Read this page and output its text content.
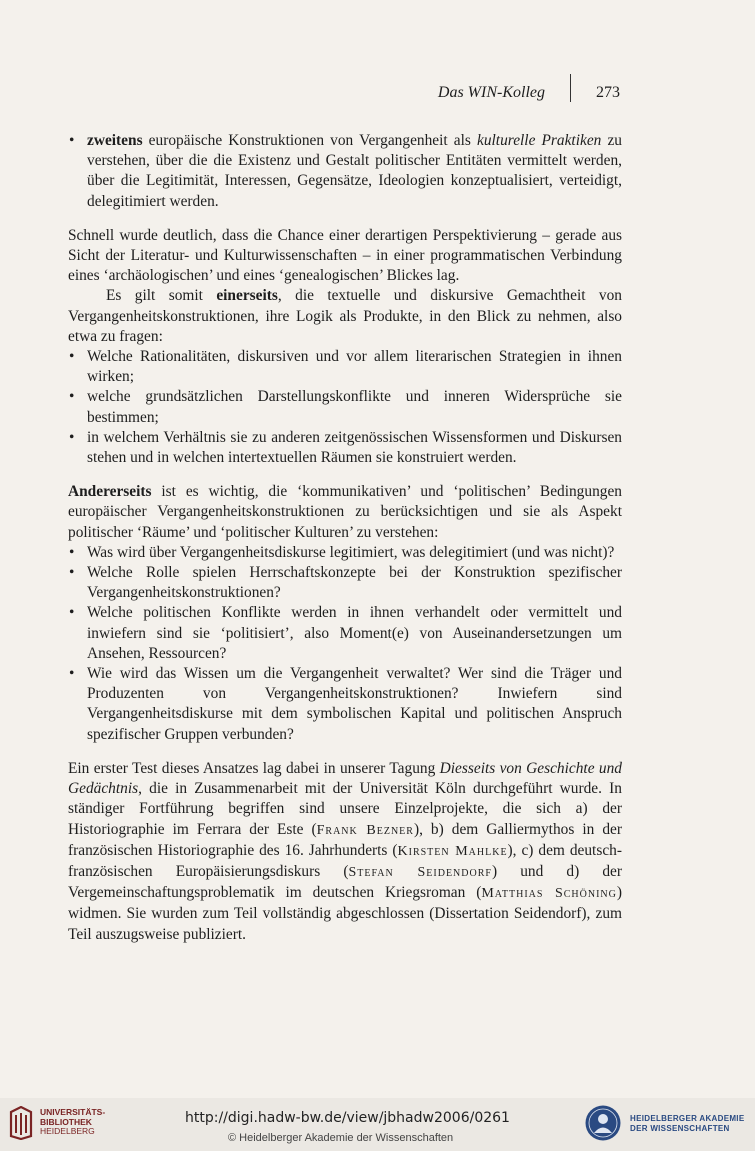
Das WIN-Kolleg	273
• zweitens europäische Konstruktionen von Vergangenheit als kulturelle Praktiken zu verstehen, über die die Existenz und Gestalt politischer Entitäten vermittelt werden, über die Legitimität, Interessen, Gegensätze, Ideologien konzeptualisiert, verteidigt, delegitimiert werden.

Schnell wurde deutlich, dass die Chance einer derartigen Perspektivierung – gerade aus Sicht der Literatur- und Kulturwissenschaften – in einer programmatischen Verbindung eines ‘archäologischen’ und eines ‘genealogischen’ Blickes lag.

Es gilt somit einerseits, die textuelle und diskursive Gemachtheit von Vergangenheitskonstruktionen, ihre Logik als Produkte, in den Blick zu nehmen, also etwa zu fragen:

• Welche Rationalitäten, diskursiven und vor allem literarischen Strategien in ihnen wirken;
• welche grundsätzlichen Darstellungskonflikte und inneren Widersprüche sie bestimmen;
• in welchem Verhältnis sie zu anderen zeitgenössischen Wissensformen und Diskursen stehen und in welchen intertextuellen Räumen sie konstruiert werden.

Andererseits ist es wichtig, die ‘kommunikativen’ und ‘politischen’ Bedingungen europäischer Vergangenheitskonstruktionen zu berücksichtigen und sie als Aspekt politischer ‘Räume’ und ‘politischer Kulturen’ zu verstehen:

• Was wird über Vergangenheitsdiskurse legitimiert, was delegitimiert (und was nicht)?
• Welche Rolle spielen Herrschaftskonzepte bei der Konstruktion spezifischer Vergangenheitskonstruktionen?
• Welche politischen Konflikte werden in ihnen verhandelt oder vermittelt und inwiefern sind sie ‘politisiert’, also Moment(e) von Auseinandersetzungen um Ansehen, Ressourcen?
• Wie wird das Wissen um die Vergangenheit verwaltet? Wer sind die Träger und Produzenten von Vergangenheitskonstruktionen? Inwiefern sind Vergangenheitsdiskurse mit dem symbolischen Kapital und politischen Anspruch spezifischer Gruppen verbunden?

Ein erster Test dieses Ansatzes lag dabei in unserer Tagung Diesseits von Geschichte und Gedächtnis, die in Zusammenarbeit mit der Universität Köln durchgeführt wurde. In ständiger Fortführung begriffen sind unsere Einzelprojekte, die sich a) der Historiographie im Ferrara der Este (Frank Bezner), b) dem Galliermythos in der französischen Historiographie des 16. Jahrhunderts (Kirsten Mahlke), c) dem deutsch-französischen Europäisierungsdiskurs (Stefan Seidendorf) und d) der Vergemeinschaftungsproblematik im deutschen Kriegsroman (Matthias Schöning) widmen. Sie wurden zum Teil vollständig abgeschlossen (Dissertation Seidendorf), zum Teil auszugsweise publiziert.

UNIVERSITÄTS-
BIBLIOTHEK
HEIDELBERG
http://digi.hadw-bw.de/view/jbhadw2006/0261
© Heidelberger Akademie der Wissenschaften
HEIDELBERGER AKADEMIE
DER WISSENSCHAFTEN
